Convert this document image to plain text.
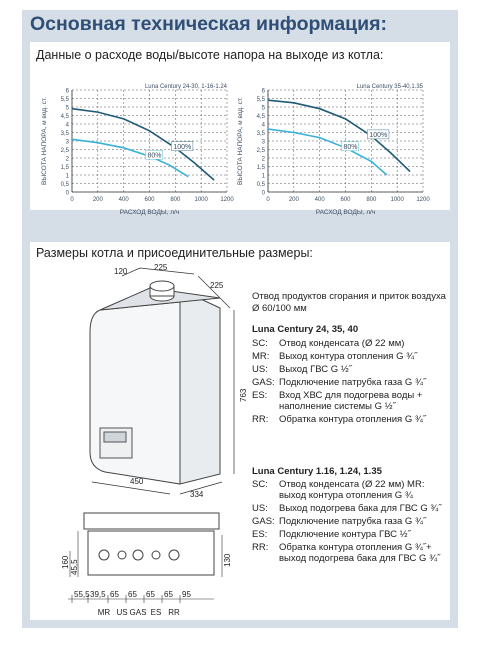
Основная техническая информация:
Данные о расходе воды/высоте напора на выходе из котла:
0
0,5
1
1,5
2
2,5
3
3,5
4
4,5
5
5,5
6
0	200	400	600	800 1000 1200
100%
80%
Luna Century 24-30, 1-16-1.24
РАСХОД ВОДЫ, л/ч
ВЫСОТА НАПОРА, м вод. ст.
0
0,5
1
1,5
2
2,5
3
3,5
4
4,5
5
5,5
6
0	200	400	600	800 1000 1200
100%
80%
Luna Century 35-40,1.35
РАСХОД ВОДЫ, л/ч
ВЫСОТА НАПОРА, м вод. ст.
Размеры котла и присоединительные размеры:
120	225
225
763
450
334
160 45,5	130
55,5 39,5 65 65 65 65 95
MR US GAS ES RR
Отвод продуктов сгорания и приток воздуха Ø 60/100 мм
Luna Century 24, 35, 40
SC:	Отвод конденсата (Ø 22 мм)
MR:	Выход контура отопления G ¾˝
US:	Выход ГВС G ½˝
GAS: Подключение патрубка газа G ¾˝
ES:	Вход ХВС для подогрева воды + наполнение системы G ½˝
RR:	Обратка контура отопления G ¾˝
Luna Century 1.16, 1.24, 1.35
SC:	Отвод конденсата (Ø 22 мм) MR: выход контура отопления G ¾
US:	Выход подогрева бака для ГВС G ¾˝
GAS: Подключение патрубка газа G ¾˝
ES:	Подключение контура ГВС ½˝
RR:	Обратка контура отопления G ¾˝+ выход подогрева бака для ГВС G ¾˝
